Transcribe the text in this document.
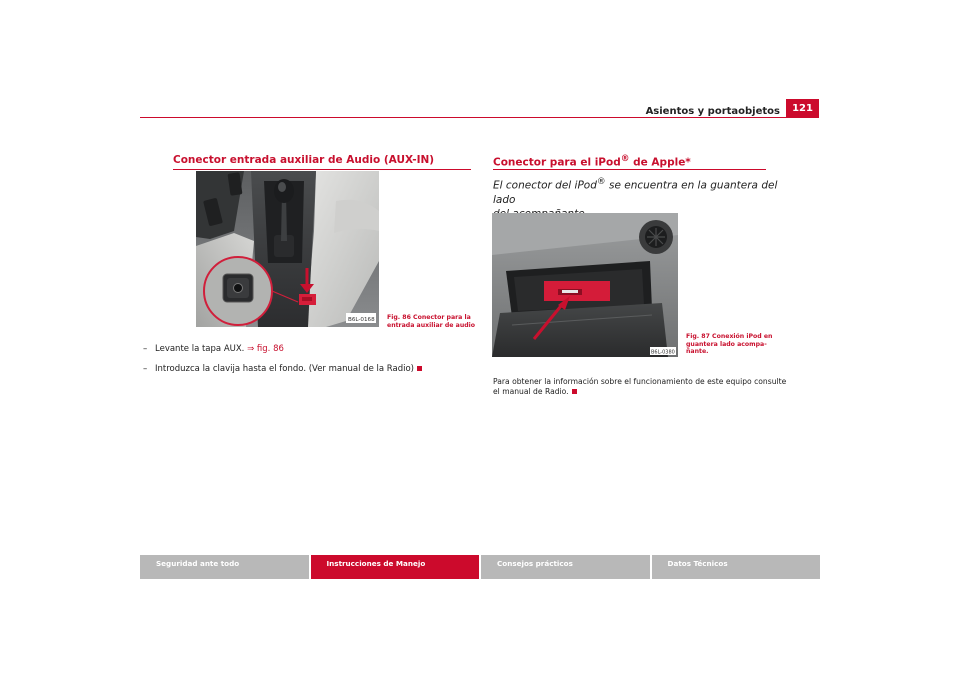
Asientos y portaobjetos	121
Conector entrada auxiliar de Audio (AUX-IN)
B6L-0168 Fig. 86 Conector para la
entrada auxiliar de audio
– Levante la tapa AUX. ⇒ fig. 86
– Introduzca la clavija hasta el fondo. (Ver manual de la Radio)
Conector para el iPod® de Apple*
El conector del iPod® se encuentra en la guantera del lado
B6L-0380
Fig. 87 Conexión iPod en
guantera lado acompa-
ñante.
Para obtener la información sobre el funcionamiento de este equipo consulte
el manual de Radio.
Seguridad ante todo	Instrucciones de Manejo	Consejos prácticos	Datos Técnicos
